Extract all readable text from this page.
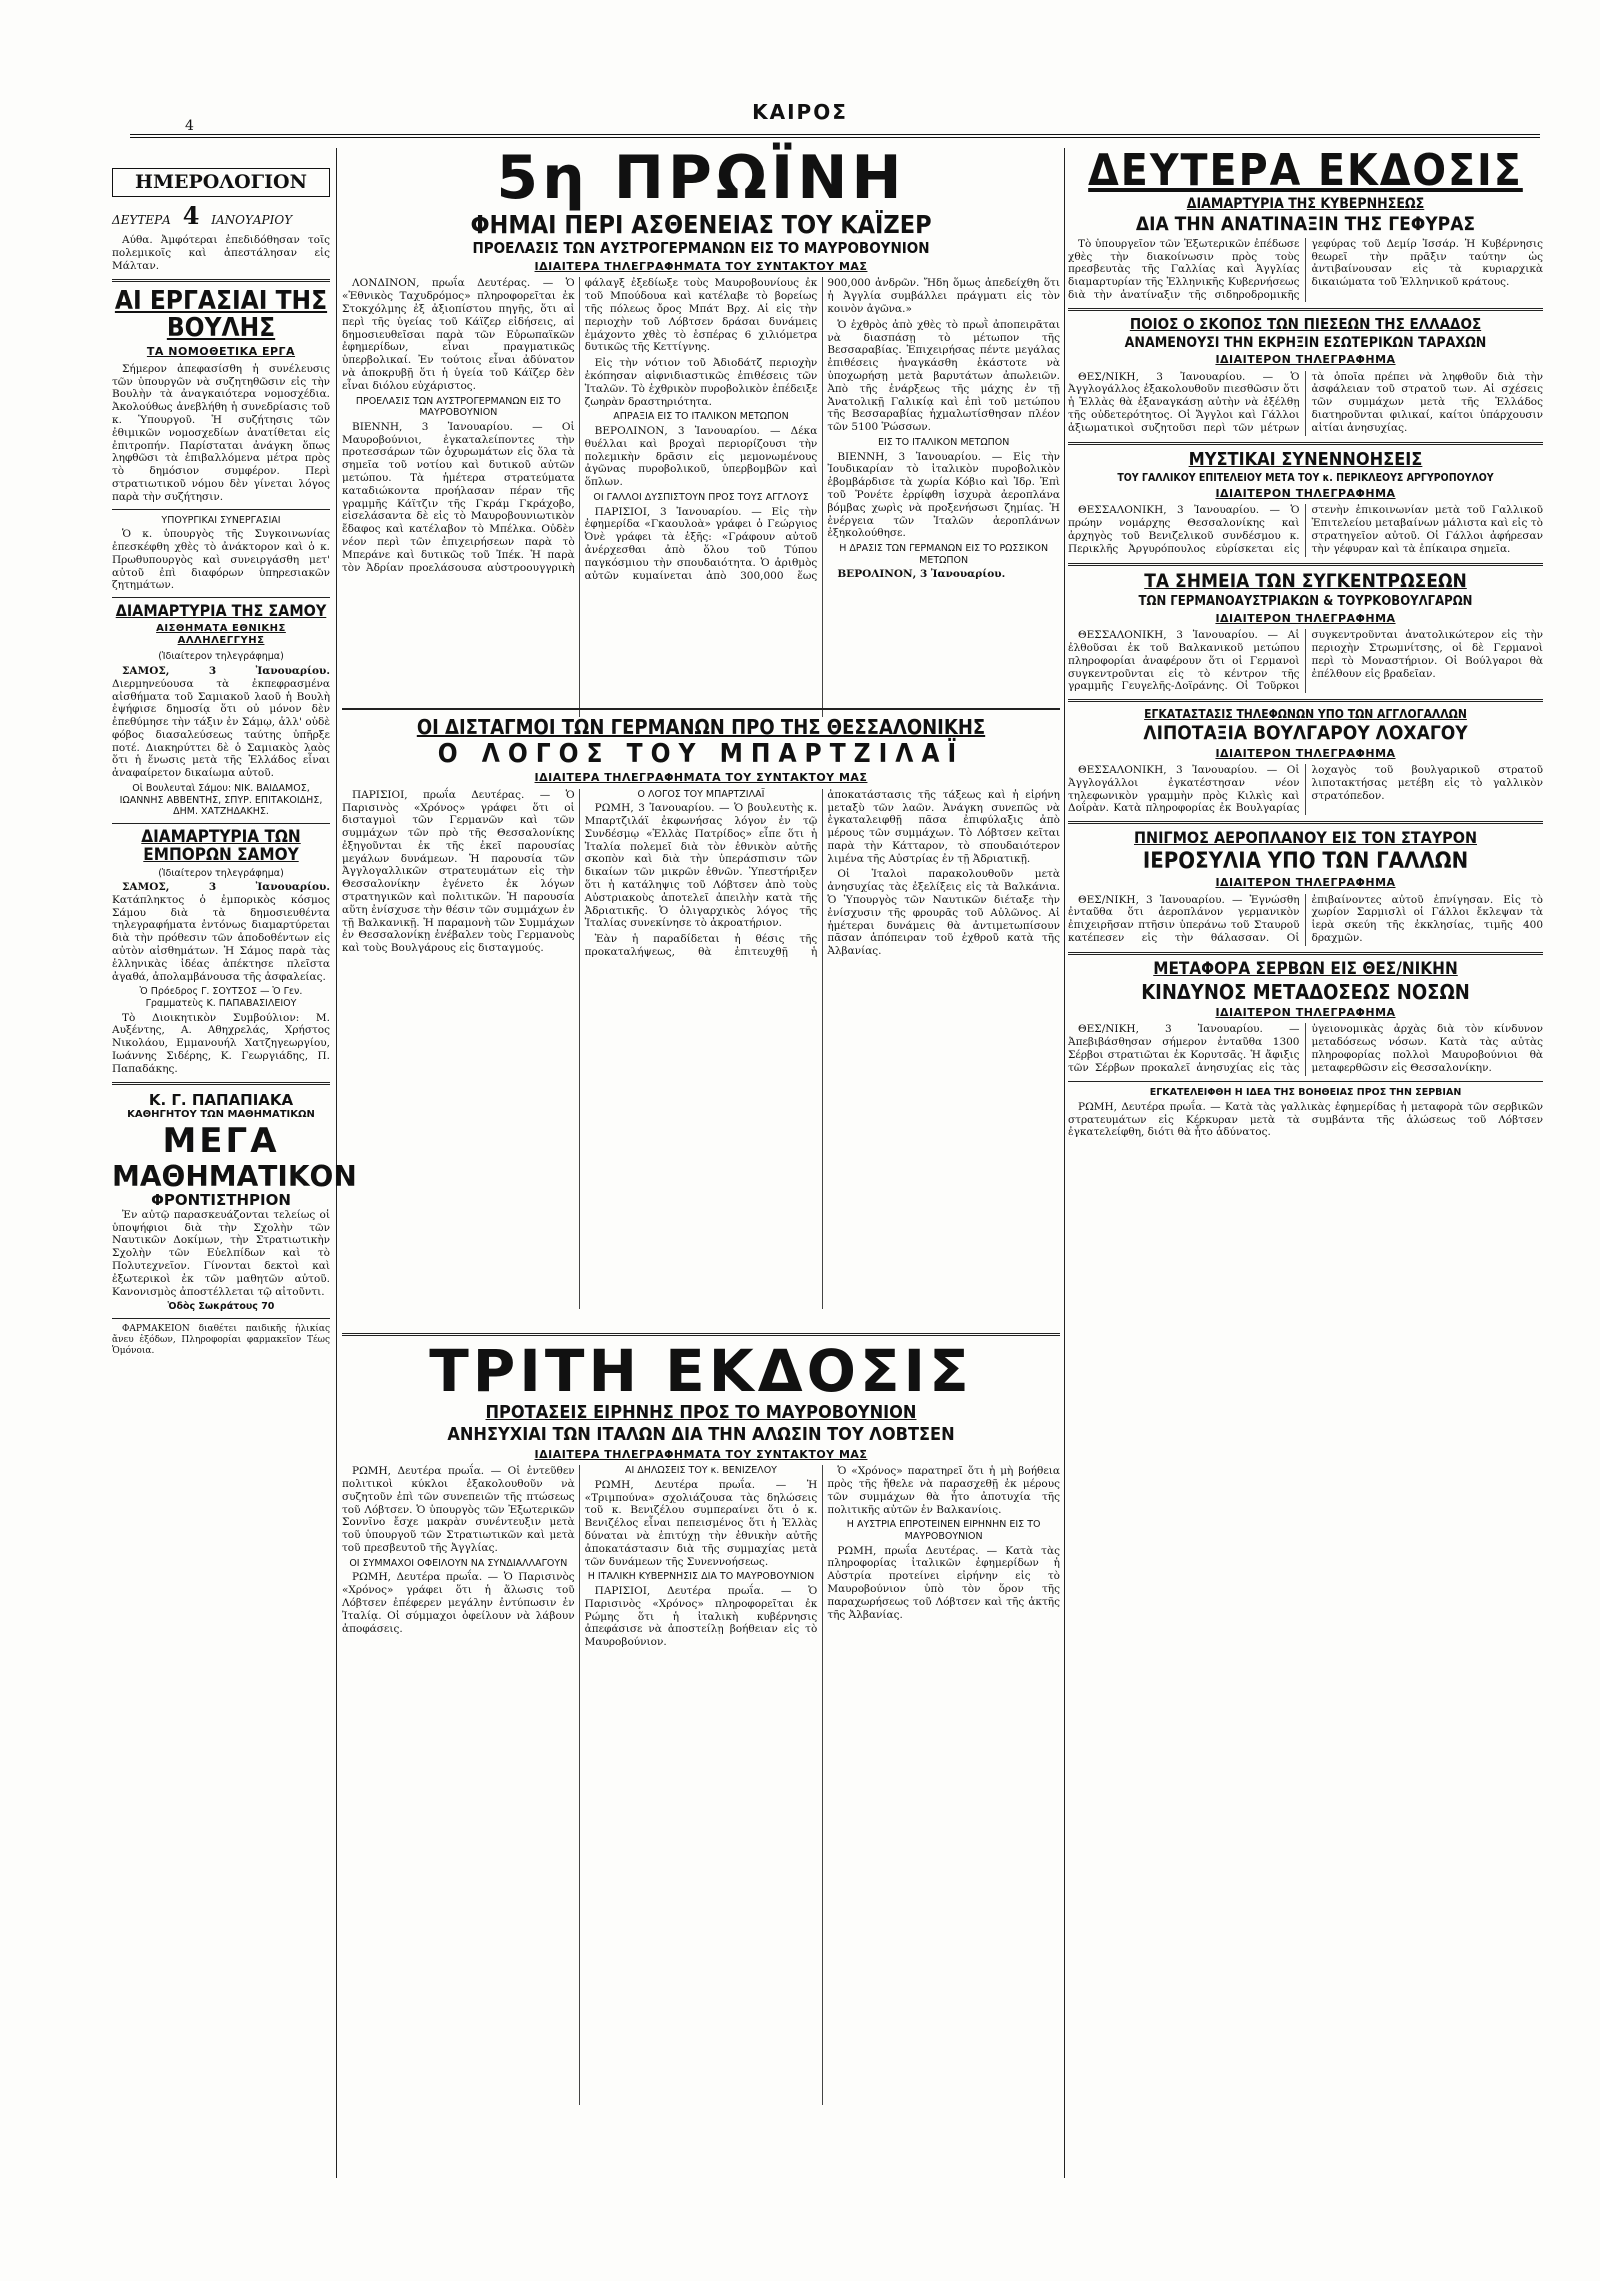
ΚΑΙΡΟΣ
4
ΗΜΕΡΟΛΟΓΙΟΝ
ΔΕΥΤΕΡΑ 4 ΙΑΝΟΥΑΡΙΟΥ

Αύθα. Ἀμφότεραι ἐπεδιδόθησαν τοῖς πολεμικοῖς καὶ ἀπεστάλησαν εἰς Μάλταν.

ΑΙ ΕΡΓΑΣΙΑΙ ΤΗΣ ΒΟΥΛΗΣ
ΤΑ ΝΟΜΟΘΕΤΙΚΑ ΕΡΓΑ

Σήμερον ἀπεφασίσθη ἡ συνέλευσις τῶν ὑπουργῶν νὰ συζητηθῶσιν εἰς τὴν Βουλὴν τὰ ἀναγκαιότερα νομοσχέδια. Ἀκολούθως ἀνεβλήθη ἡ συνεδρίασις τοῦ κ. Ὑπουργοῦ. Ἡ συζήτησις τῶν ἐθιμικῶν νομοσχεδίων ἀνατίθεται εἰς ἐπιτροπήν. Παρίσταται ἀνάγκη ὅπως ληφθῶσι τὰ ἐπιβαλλόμενα μέτρα πρὸς τὸ δημόσιον συμφέρον. Περὶ στρατιωτικοῦ νόμου δὲν γίνεται λόγος παρὰ τὴν συζήτησιν.

ΥΠΟΥΡΓΙΚΑΙ ΣΥΝΕΡΓΑΣΙΑΙ

Ὁ κ. ὑπουργὸς τῆς Συγκοινωνίας ἐπεσκέφθη χθὲς τὸ ἀνάκτορον καὶ ὁ κ. Πρωθυπουργὸς καὶ συνειργάσθη μετ' αὐτοῦ ἐπὶ διαφόρων ὑπηρεσιακῶν ζητημάτων.

ΔΙΑΜΑΡΤΥΡΙΑ ΤΗΣ ΣΑΜΟΥ
ΑΙΣΘΗΜΑΤΑ ΕΘΝΙΚΗΣ ΑΛΛΗΛΕΓΓΥΗΣ
(Ἰδιαίτερον τηλεγράφημα)

ΣΑΜΟΣ, 3 Ἰανουαρίου. Διερμηνεύουσα τὰ ἐκπεφρασμένα αἰσθήματα τοῦ Σαμιακοῦ λαοῦ ἡ Βουλὴ ἐψήφισε δημοσίᾳ ὅτι οὐ μόνον δὲν ἐπεθύμησε τὴν τάξιν ἐν Σάμῳ, ἀλλ' οὐδὲ φόβος διασαλεύσεως ταύτης ὑπῆρξε ποτέ. Διακηρύττει δὲ ὁ Σαμιακὸς λαὸς ὅτι ἡ ἕνωσις μετὰ τῆς Ἑλλάδος εἶναι ἀναφαίρετον δικαίωμα αὐτοῦ.

Οἱ Βουλευταὶ Σάμου: ΝΙΚ. ΒΑΙΔΑΜΟΣ, ΙΩΑΝΝΗΣ ΑΒΒΕΝΤΗΣ, ΣΠΥΡ. ΕΠΙΤΑΚΟΙΔΗΣ, ΔΗΜ. ΧΑΤΖΗΔΑΚΗΣ.
ΔΙΑΜΑΡΤΥΡΙΑ ΤΩΝ ΕΜΠΟΡΩΝ ΣΑΜΟΥ
(Ἰδιαίτερον τηλεγράφημα)

ΣΑΜΟΣ, 3 Ἰανουαρίου. Κατάπληκτος ὁ ἐμπορικὸς κόσμος Σάμου διὰ τὰ δημοσιευθέντα τηλεγραφήματα ἐντόνως διαμαρτύρεται διὰ τὴν πρόθεσιν τῶν ἀποδοθέντων εἰς αὐτὸν αἰσθημάτων. Ἡ Σάμος παρὰ τὰς ἑλληνικὰς ἰδέας ἀπέκτησε πλεῖστα ἀγαθά, ἀπολαμβάνουσα τῆς ἀσφαλείας.

Ὁ Πρόεδρος Γ. ΣΟΥΤΣΟΣ — Ὁ Γεν. Γραμματεὺς Κ. ΠΑΠΑΒΑΣΙΛΕΙΟΥ

Τὸ Διοικητικὸν Συμβούλιον: Μ. Αυξέντης, Α. Αθηχρελάς, Χρήστος Νικολάου, Εμμανουήλ Χατζηγεωργίου, Ιωάννης Σιδέρης, Κ. Γεωργιάδης, Π. Παπαδάκης.

Κ. Γ. ΠΑΠΑΠΙΑΚΑ
ΚΑΘΗΓΗΤΟΥ ΤΩΝ ΜΑΘΗΜΑΤΙΚΩΝ
ΜΕΓΑ
ΜΑΘΗΜΑΤΙΚΟΝ
ΦΡΟΝΤΙΣΤΗΡΙΟΝ

Ἐν αὐτῷ παρασκευάζονται τελείως οἱ ὑποψήφιοι διὰ τὴν Σχολὴν τῶν Ναυτικῶν Δοκίμων, τὴν Στρατιωτικὴν Σχολὴν τῶν Εὐελπίδων καὶ τὸ Πολυτεχνεῖον. Γίνονται δεκτοὶ καὶ ἐξωτερικοὶ ἐκ τῶν μαθητῶν αὐτοῦ. Κανονισμὸς ἀποστέλλεται τῷ αἰτοῦντι.

Ὁδὸς Σωκράτους 70

ΦΑΡΜΑΚΕΙΟΝ διαθέτει παιδικῆς ἡλικίας ἄνευ ἐξόδων, Πληροφορίαι φαρμακεῖον Τέως Ὁμόνοια.

5η ΠΡΩΪΝΗ
ΦΗΜΑΙ ΠΕΡΙ ΑΣΘΕΝΕΙΑΣ ΤΟΥ ΚΑΪΖΕΡ
ΠΡΟΕΛΑΣΙΣ ΤΩΝ ΑΥΣΤΡΟΓΕΡΜΑΝΩΝ ΕΙΣ ΤΟ ΜΑΥΡΟΒΟΥΝΙΟΝ
ΙΔΙΑΙΤΕΡΑ ΤΗΛΕΓΡΑΦΗΜΑΤΑ ΤΟΥ ΣΥΝΤΑΚΤΟΥ ΜΑΣ

ΛΟΝΔΙΝΟΝ, πρωΐα Δευτέρας. — Ὁ «Ἐθνικὸς Ταχυδρόμος» πληροφορεῖται ἐκ Στοκχόλμης ἐξ ἀξιοπίστου πηγῆς, ὅτι αἱ περὶ τῆς ὑγείας τοῦ Κάϊζερ εἰδήσεις, αἱ δημοσιευθεῖσαι παρὰ τῶν Εὐρωπαϊκῶν ἐφημερίδων, εἶναι πραγματικῶς ὑπερβολικαί. Ἐν τούτοις εἶναι ἀδύνατον νὰ ἀποκρυβῇ ὅτι ἡ ὑγεία τοῦ Κάϊζερ δὲν εἶναι διόλου εὐχάριστος.

ΠΡΟΕΛΑΣΙΣ ΤΩΝ ΑΥΣΤΡΟΓΕΡΜΑΝΩΝ ΕΙΣ ΤΟ ΜΑΥΡΟΒΟΥΝΙΟΝ

ΒΙΕΝΝΗ, 3 Ἰανουαρίου. — Οἱ Μαυροβούνιοι, ἐγκαταλείποντες τὴν προτεσσάρων τῶν ὀχυρωμάτων εἰς ὅλα τὰ σημεῖα τοῦ νοτίου καὶ δυτικοῦ αὐτῶν μετώπου. Τὰ ἡμέτερα στρατεύματα καταδιώκοντα προήλασαν πέραν τῆς γραμμῆς Κάϊτζιν τῆς Γκράμ Γκράχοβο, εἰσελάσαντα δὲ εἰς τὸ Μαυροβουνιωτικὸν ἔδαφος καὶ κατέλαβον τὸ Μπέλκα. Οὐδὲν νέον περὶ τῶν ἐπιχειρήσεων παρὰ τὸ Μπεράνε καὶ δυτικῶς τοῦ Ἰπέκ. Ἡ παρὰ τὸν Ἀδρίαν προελάσουσα αὐστροουγγρικὴ φάλαγξ ἐξεδίωξε τοὺς Μαυροβουνίους ἐκ τοῦ Μπούδουα καὶ κατέλαβε τὸ βορείως τῆς πόλεως ὄρος Μπάτ Βρχ. Αἱ εἰς τὴν περιοχὴν τοῦ Λόβτσεν δράσαι δυνάμεις ἐμάχοντο χθὲς τὸ ἑσπέρας 6 χιλιόμετρα δυτικῶς τῆς Κεττίγνης.

Εἰς τὴν νότιον τοῦ Ἀδιοδάτζ περιοχὴν ἐκόπησαν αἰφνιδιαστικῶς ἐπιθέσεις τῶν Ἰταλῶν. Τὸ ἐχθρικὸν πυροβολικὸν ἐπέδειξε ζωηρὰν δραστηριότητα.

ΑΠΡΑΞΙΑ ΕΙΣ ΤΟ ΙΤΑΛΙΚΟΝ ΜΕΤΩΠΟΝ

ΒΕΡΟΛΙΝΟΝ, 3 Ἰανουαρίου. — Δέκα θυέλλαι καὶ βροχαὶ περιορίζουσι τὴν πολεμικὴν δρᾶσιν εἰς μεμονωμένους ἀγῶνας πυροβολικοῦ, ὑπερβομβῶν καὶ ὅπλων.

ΟΙ ΓΑΛΛΟΙ ΔΥΣΠΙΣΤΟΥΝ ΠΡΟΣ ΤΟΥΣ ΑΓΓΛΟΥΣ

ΠΑΡΙΣΙΟΙ, 3 Ἰανουαρίου. — Εἰς τὴν ἐφημερίδα «Γκαουλοὰ» γράφει ὁ Γεώργιος Ὀνὲ γράφει τὰ ἑξῆς: «Γράφουν αὐτοῦ ἀνέρχεσθαι ἀπὸ ὅλου τοῦ Τύπου παγκόσμιου τὴν σπουδαιότητα. Ὁ ἀριθμὸς αὐτῶν κυμαίνεται ἀπὸ 300,000 ἕως 900,000 ἀνδρῶν. Ἤδη ὅμως ἀπεδείχθη ὅτι ἡ Ἀγγλία συμβάλλει πράγματι εἰς τὸν κοινὸν ἀγῶνα.»

Ὁ ἐχθρὸς ἀπὸ χθὲς τὸ πρωῒ ἀποπειρᾶται νὰ διασπάσῃ τὸ μέτωπον τῆς Βεσσαραβίας. Ἐπιχειρήσας πέντε μεγάλας ἐπιθέσεις ἠναγκάσθη ἑκάστοτε νὰ ὑποχωρήσῃ μετὰ βαρυτάτων ἀπωλειῶν. Ἀπὸ τῆς ἐνάρξεως τῆς μάχης ἐν τῇ Ἀνατολικῇ Γαλικίᾳ καὶ ἐπὶ τοῦ μετώπου τῆς Βεσσαραβίας ἠχμαλωτίσθησαν πλέον τῶν 5100 Ῥώσσων.

ΕΙΣ ΤΟ ΙΤΑΛΙΚΟΝ ΜΕΤΩΠΟΝ

ΒΙΕΝΝΗ, 3 Ἰανουαρίου. — Εἰς τὴν Ἰουδικαρίαν τὸ ἰταλικὸν πυροβολικὸν ἐβομβάρδισε τὰ χωρία Κόβιο καὶ Ἰδρ. Ἐπὶ τοῦ Ῥονέτε ἐρρίφθη ἰσχυρὰ ἀεροπλάνα βόμβας χωρὶς νὰ προξενήσωσι ζημίας. Ἡ ἐνέργεια τῶν Ἰταλῶν ἀεροπλάνων ἐξηκολούθησε.

Η ΔΡΑΣΙΣ ΤΩΝ ΓΕΡΜΑΝΩΝ ΕΙΣ ΤΟ ΡΩΣΣΙΚΟΝ ΜΕΤΩΠΟΝ

ΒΕΡΟΛΙΝΟΝ, 3 Ἰανουαρίου.

ΟΙ ΔΙΣΤΑΓΜΟΙ ΤΩΝ ΓΕΡΜΑΝΩΝ ΠΡΟ ΤΗΣ ΘΕΣΣΑΛΟΝΙΚΗΣ
Ο ΛΟΓΟΣ ΤΟΥ ΜΠΑΡΤΖΙΛΑΪ
ΙΔΙΑΙΤΕΡΑ ΤΗΛΕΓΡΑΦΗΜΑΤΑ ΤΟΥ ΣΥΝΤΑΚΤΟΥ ΜΑΣ

ΠΑΡΙΣΙΟΙ, πρωΐα Δευτέρας. — Ὁ Παρισινὸς «Χρόνος» γράφει ὅτι οἱ δισταγμοὶ τῶν Γερμανῶν καὶ τῶν συμμάχων τῶν πρὸ τῆς Θεσσαλονίκης ἐξηγοῦνται ἐκ τῆς ἐκεῖ παρουσίας μεγάλων δυνάμεων. Ἡ παρουσία τῶν Ἀγγλογαλλικῶν στρατευμάτων εἰς τὴν Θεσσαλονίκην ἐγένετο ἐκ λόγων στρατηγικῶν καὶ πολιτικῶν. Ἡ παρουσία αὕτη ἐνίσχυσε τὴν θέσιν τῶν συμμάχων ἐν τῇ Βαλκανικῇ. Ἡ παραμονὴ τῶν Συμμάχων ἐν Θεσσαλονίκῃ ἐνέβαλεν τοὺς Γερμανοὺς καὶ τοὺς Βουλγάρους εἰς δισταγμούς.

Ο ΛΟΓΟΣ ΤΟΥ ΜΠΑΡΤΖΙΛΑΪ

ΡΩΜΗ, 3 Ἰανουαρίου. — Ὁ βουλευτὴς κ. Μπαρτζιλάϊ ἐκφωνήσας λόγον ἐν τῷ Συνδέσμῳ «Ἑλλὰς Πατρίδος» εἶπε ὅτι ἡ Ἰταλία πολεμεῖ διὰ τὸν ἐθνικὸν αὐτῆς σκοπὸν καὶ διὰ τὴν ὑπεράσπισιν τῶν δικαίων τῶν μικρῶν ἐθνῶν. Ὑπεστήριξεν ὅτι ἡ κατάληψις τοῦ Λόβτσεν ἀπὸ τοὺς Αὐστριακοὺς ἀποτελεῖ ἀπειλὴν κατὰ τῆς Ἀδριατικῆς. Ὁ ὀλιγαρχικὸς λόγος τῆς Ἰταλίας συνεκίνησε τὸ ἀκροατήριον.

Ἐὰν ἡ παραδίδεται ἡ θέσις τῆς προκαταλήψεως, θὰ ἐπιτευχθῇ ἡ ἀποκατάστασις τῆς τάξεως καὶ ἡ εἰρήνη μεταξὺ τῶν λαῶν. Ἀνάγκη συνεπῶς νὰ ἐγκαταλειφθῇ πᾶσα ἐπιφύλαξις ἀπὸ μέρους τῶν συμμάχων. Τὸ Λόβτσεν κεῖται παρὰ τὴν Κάτταρον, τὸ σπουδαιότερον λιμένα τῆς Αὐστρίας ἐν τῇ Ἀδριατικῇ.

Οἱ Ἰταλοὶ παρακολουθοῦν μετὰ ἀνησυχίας τὰς ἐξελίξεις εἰς τὰ Βαλκάνια. Ὁ Ὑπουργὸς τῶν Ναυτικῶν διέταξε τὴν ἐνίσχυσιν τῆς φρουρᾶς τοῦ Αὐλῶνος. Αἱ ἡμέτεραι δυνάμεις θὰ ἀντιμετωπίσουν πᾶσαν ἀπόπειραν τοῦ ἐχθροῦ κατὰ τῆς Ἀλβανίας.

ΤΡΙΤΗ ΕΚΔΟΣΙΣ
ΠΡΟΤΑΣΕΙΣ ΕΙΡΗΝΗΣ ΠΡΟΣ ΤΟ ΜΑΥΡΟΒΟΥΝΙΟΝ
ΑΝΗΣΥΧΙΑΙ ΤΩΝ ΙΤΑΛΩΝ ΔΙΑ ΤΗΝ ΑΛΩΣΙΝ ΤΟΥ ΛΟΒΤΣΕΝ
ΙΔΙΑΙΤΕΡΑ ΤΗΛΕΓΡΑΦΗΜΑΤΑ ΤΟΥ ΣΥΝΤΑΚΤΟΥ ΜΑΣ

ΡΩΜΗ, Δευτέρα πρωΐα. — Οἱ ἐντεῦθεν πολιτικοὶ κύκλοι ἐξακολουθοῦν νὰ συζητοῦν ἐπὶ τῶν συνεπειῶν τῆς πτώσεως τοῦ Λόβτσεν. Ὁ ὑπουργὸς τῶν Ἐξωτερικῶν Σοννῖνο ἔσχε μακρὰν συνέντευξιν μετὰ τοῦ ὑπουργοῦ τῶν Στρατιωτικῶν καὶ μετὰ τοῦ πρεσβευτοῦ τῆς Ἀγγλίας.

ΟΙ ΣΥΜΜΑΧΟΙ ΟΦΕΙΛΟΥΝ ΝΑ ΣΥΝΔΙΑΛΛΑΓΟΥΝ

ΡΩΜΗ, Δευτέρα πρωΐα. — Ὁ Παρισινὸς «Χρόνος» γράφει ὅτι ἡ ἅλωσις τοῦ Λόβτσεν ἐπέφερεν μεγάλην ἐντύπωσιν ἐν Ἰταλίᾳ. Οἱ σύμμαχοι ὀφείλουν νὰ λάβουν ἀποφάσεις.

ΑΙ ΔΗΛΩΣΕΙΣ ΤΟΥ κ. ΒΕΝΙΖΕΛΟΥ

ΡΩΜΗ, Δευτέρα πρωΐα. — Ἡ «Τριμπούνα» σχολιάζουσα τὰς δηλώσεις τοῦ κ. Βενιζέλου συμπεραίνει ὅτι ὁ κ. Βενιζέλος εἶναι πεπεισμένος ὅτι ἡ Ἑλλὰς δύναται νὰ ἐπιτύχῃ τὴν ἐθνικὴν αὐτῆς ἀποκατάστασιν διὰ τῆς συμμαχίας μετὰ τῶν δυνάμεων τῆς Συνεννοήσεως.

Η ΙΤΑΛΙΚΗ ΚΥΒΕΡΝΗΣΙΣ ΔΙΑ ΤΟ ΜΑΥΡΟΒΟΥΝΙΟΝ

ΠΑΡΙΣΙΟΙ, Δευτέρα πρωΐα. — Ὁ Παρισινὸς «Χρόνος» πληροφορεῖται ἐκ Ρώμης ὅτι ἡ ἰταλικὴ κυβέρνησις ἀπεφάσισε νὰ ἀποστείλῃ βοήθειαν εἰς τὸ Μαυροβούνιον.

Ὁ «Χρόνος» παρατηρεῖ ὅτι ἡ μὴ βοήθεια πρὸς τῆς ἤθελε νὰ παρασχεθῇ ἐκ μέρους τῶν συμμάχων θὰ ἦτο ἀποτυχία τῆς πολιτικῆς αὐτῶν ἐν Βαλκανίοις.

Η ΑΥΣΤΡΙΑ ΕΠΡΟΤΕΙΝΕΝ ΕΙΡΗΝΗΝ ΕΙΣ ΤΟ ΜΑΥΡΟΒΟΥΝΙΟΝ

ΡΩΜΗ, πρωΐα Δευτέρας. — Κατὰ τὰς πληροφορίας ἰταλικῶν ἐφημερίδων ἡ Αὐστρία προτείνει εἰρήνην εἰς τὸ Μαυροβούνιον ὑπὸ τὸν ὅρον τῆς παραχωρήσεως τοῦ Λόβτσεν καὶ τῆς ἀκτῆς τῆς Ἀλβανίας.

ΔΕΥΤΕΡΑ ΕΚΔΟΣΙΣ
ΔΙΑΜΑΡΤΥΡΙΑ ΤΗΣ ΚΥΒΕΡΝΗΣΕΩΣ
ΔΙΑ ΤΗΝ ΑΝΑΤΙΝΑΞΙΝ ΤΗΣ ΓΕΦΥΡΑΣ

Τὸ ὑπουργεῖον τῶν Ἐξωτερικῶν ἐπέδωσε χθὲς τὴν διακοίνωσιν πρὸς τοὺς πρεσβευτὰς τῆς Γαλλίας καὶ Ἀγγλίας διαμαρτυρίαν τῆς Ἑλληνικῆς Κυβερνήσεως διὰ τὴν ἀνατίναξιν τῆς σιδηροδρομικῆς γεφύρας τοῦ Δεμίρ Ἰσσάρ. Ἡ Κυβέρνησις θεωρεῖ τὴν πρᾶξιν ταύτην ὡς ἀντιβαίνουσαν εἰς τὰ κυριαρχικὰ δικαιώματα τοῦ Ἑλληνικοῦ κράτους.

ΠΟΙΟΣ Ο ΣΚΟΠΟΣ ΤΩΝ ΠΙΕΣΕΩΝ ΤΗΣ ΕΛΛΑΔΟΣ
ΑΝΑΜΕΝΟΥΣΙ ΤΗΝ ΕΚΡΗΞΙΝ ΕΣΩΤΕΡΙΚΩΝ ΤΑΡΑΧΩΝ
ΙΔΙΑΙΤΕΡΟΝ ΤΗΛΕΓΡΑΦΗΜΑ

ΘΕΣ/ΝΙΚΗ, 3 Ἰανουαρίου. — Ὁ Ἀγγλογάλλος ἐξακολουθοῦν πιεσθῶσιν ὅτι ἡ Ἑλλὰς θὰ ἐξαναγκάσῃ αὐτὴν νὰ ἐξέλθῃ τῆς οὐδετερότητος. Οἱ Ἄγγλοι καὶ Γάλλοι ἀξιωματικοὶ συζητοῦσι περὶ τῶν μέτρων τὰ ὁποῖα πρέπει νὰ ληφθοῦν διὰ τὴν ἀσφάλειαν τοῦ στρατοῦ των. Αἱ σχέσεις τῶν συμμάχων μετὰ τῆς Ἑλλάδος διατηροῦνται φιλικαί, καίτοι ὑπάρχουσιν αἰτίαι ἀνησυχίας.

ΜΥΣΤΙΚΑΙ ΣΥΝΕΝΝΟΗΣΕΙΣ
ΤΟΥ ΓΑΛΛΙΚΟΥ ΕΠΙΤΕΛΕΙΟΥ ΜΕΤΑ ΤΟΥ κ. ΠΕΡΙΚΛΕΟΥΣ ΑΡΓΥΡΟΠΟΥΛΟΥ
ΙΔΙΑΙΤΕΡΟΝ ΤΗΛΕΓΡΑΦΗΜΑ

ΘΕΣΣΑΛΟΝΙΚΗ, 3 Ἰανουαρίου. — Ὁ πρώην νομάρχης Θεσσαλονίκης καὶ ἀρχηγὸς τοῦ Βενιζελικοῦ συνδέσμου κ. Περικλῆς Ἀργυρόπουλος εὑρίσκεται εἰς στενὴν ἐπικοινωνίαν μετὰ τοῦ Γαλλικοῦ Ἐπιτελείου μεταβαίνων μάλιστα καὶ εἰς τὸ στρατηγεῖον αὐτοῦ. Οἱ Γάλλοι ἀφήρεσαν τὴν γέφυραν καὶ τὰ ἐπίκαιρα σημεῖα.

ΤΑ ΣΗΜΕΙΑ ΤΩΝ ΣΥΓΚΕΝΤΡΩΣΕΩΝ
ΤΩΝ ΓΕΡΜΑΝΟΑΥΣΤΡΙΑΚΩΝ & ΤΟΥΡΚΟΒΟΥΛΓΑΡΩΝ
ΙΔΙΑΙΤΕΡΟΝ ΤΗΛΕΓΡΑΦΗΜΑ

ΘΕΣΣΑΛΟΝΙΚΗ, 3 Ἰανουαρίου. — Αἱ ἐλθοῦσαι ἐκ τοῦ Βαλκανικοῦ μετώπου πληροφορίαι ἀναφέρουν ὅτι οἱ Γερμανοὶ συγκεντροῦνται εἰς τὸ κέντρον τῆς γραμμῆς Γευγελῆς-Δοϊράνης. Οἱ Τοῦρκοι συγκεντροῦνται ἀνατολικώτερον εἰς τὴν περιοχὴν Στρωμνίτσης, οἱ δὲ Γερμανοὶ περὶ τὸ Μοναστήριον. Οἱ Βούλγαροι θὰ ἐπέλθουν εἰς βραδεῖαν.

ΕΓΚΑΤΑΣΤΑΣΙΣ ΤΗΛΕΦΩΝΩΝ ΥΠΟ ΤΩΝ ΑΓΓΛΟΓΑΛΛΩΝ
ΛΙΠΟΤΑΞΙΑ ΒΟΥΛΓΑΡΟΥ ΛΟΧΑΓΟΥ
ΙΔΙΑΙΤΕΡΟΝ ΤΗΛΕΓΡΑΦΗΜΑ

ΘΕΣΣΑΛΟΝΙΚΗ, 3 Ἰανουαρίου. — Οἱ Ἀγγλογάλλοι ἐγκατέστησαν νέον τηλεφωνικὸν γραμμὴν πρὸς Κιλκὶς καὶ Δοΐρὰν. Κατὰ πληροφορίας ἐκ Βουλγαρίας λοχαγὸς τοῦ βουλγαρικοῦ στρατοῦ λιποτακτήσας μετέβη εἰς τὸ γαλλικὸν στρατόπεδον.

ΠΝΙΓΜΟΣ ΑΕΡΟΠΛΑΝΟΥ ΕΙΣ ΤΟΝ ΣΤΑΥΡΟΝ
ΙΕΡΟΣΥΛΙΑ ΥΠΟ ΤΩΝ ΓΑΛΛΩΝ
ΙΔΙΑΙΤΕΡΟΝ ΤΗΛΕΓΡΑΦΗΜΑ

ΘΕΣ/ΝΙΚΗ, 3 Ἰανουαρίου. — Ἐγνώσθη ἐνταῦθα ὅτι ἀεροπλάνον γερμανικὸν ἐπιχειρῆσαν πτῆσιν ὑπεράνω τοῦ Σταυροῦ κατέπεσεν εἰς τὴν θάλασσαν. Οἱ ἐπιβαίνοντες αὐτοῦ ἐπνίγησαν. Εἰς τὸ χωρίον Σαρμισλὶ οἱ Γάλλοι ἔκλεψαν τὰ ἱερὰ σκεύη τῆς ἐκκλησίας, τιμῆς 400 δραχμῶν.

ΜΕΤΑΦΟΡΑ ΣΕΡΒΩΝ ΕΙΣ ΘΕΣ/ΝΙΚΗΝ
ΚΙΝΔΥΝΟΣ ΜΕΤΑΔΟΣΕΩΣ ΝΟΣΩΝ
ΙΔΙΑΙΤΕΡΟΝ ΤΗΛΕΓΡΑΦΗΜΑ

ΘΕΣ/ΝΙΚΗ, 3 Ἰανουαρίου. — Ἀπεβιβάσθησαν σήμερον ἐνταῦθα 1300 Σέρβοι στρατιῶται ἐκ Κορυτσᾶς. Ἡ ἄφιξις τῶν Σέρβων προκαλεῖ ἀνησυχίας εἰς τὰς ὑγειονομικὰς ἀρχὰς διὰ τὸν κίνδυνον μεταδόσεως νόσων. Κατὰ τὰς αὐτὰς πληροφορίας πολλοὶ Μαυροβούνιοι θὰ μεταφερθῶσιν εἰς Θεσσαλονίκην.

ΕΓΚΑΤΕΛΕΙΦΘΗ Η ΙΔΕΑ ΤΗΣ ΒΟΗΘΕΙΑΣ ΠΡΟΣ ΤΗΝ ΣΕΡΒΙΑΝ

ΡΩΜΗ, Δευτέρα πρωΐα. — Κατὰ τὰς γαλλικὰς ἐφημερίδας ἡ μεταφορὰ τῶν σερβικῶν στρατευμάτων εἰς Κέρκυραν μετὰ τὰ συμβάντα τῆς ἁλώσεως τοῦ Λόβτσεν ἐγκατελείφθη, διότι θὰ ἦτο ἀδύνατος.
